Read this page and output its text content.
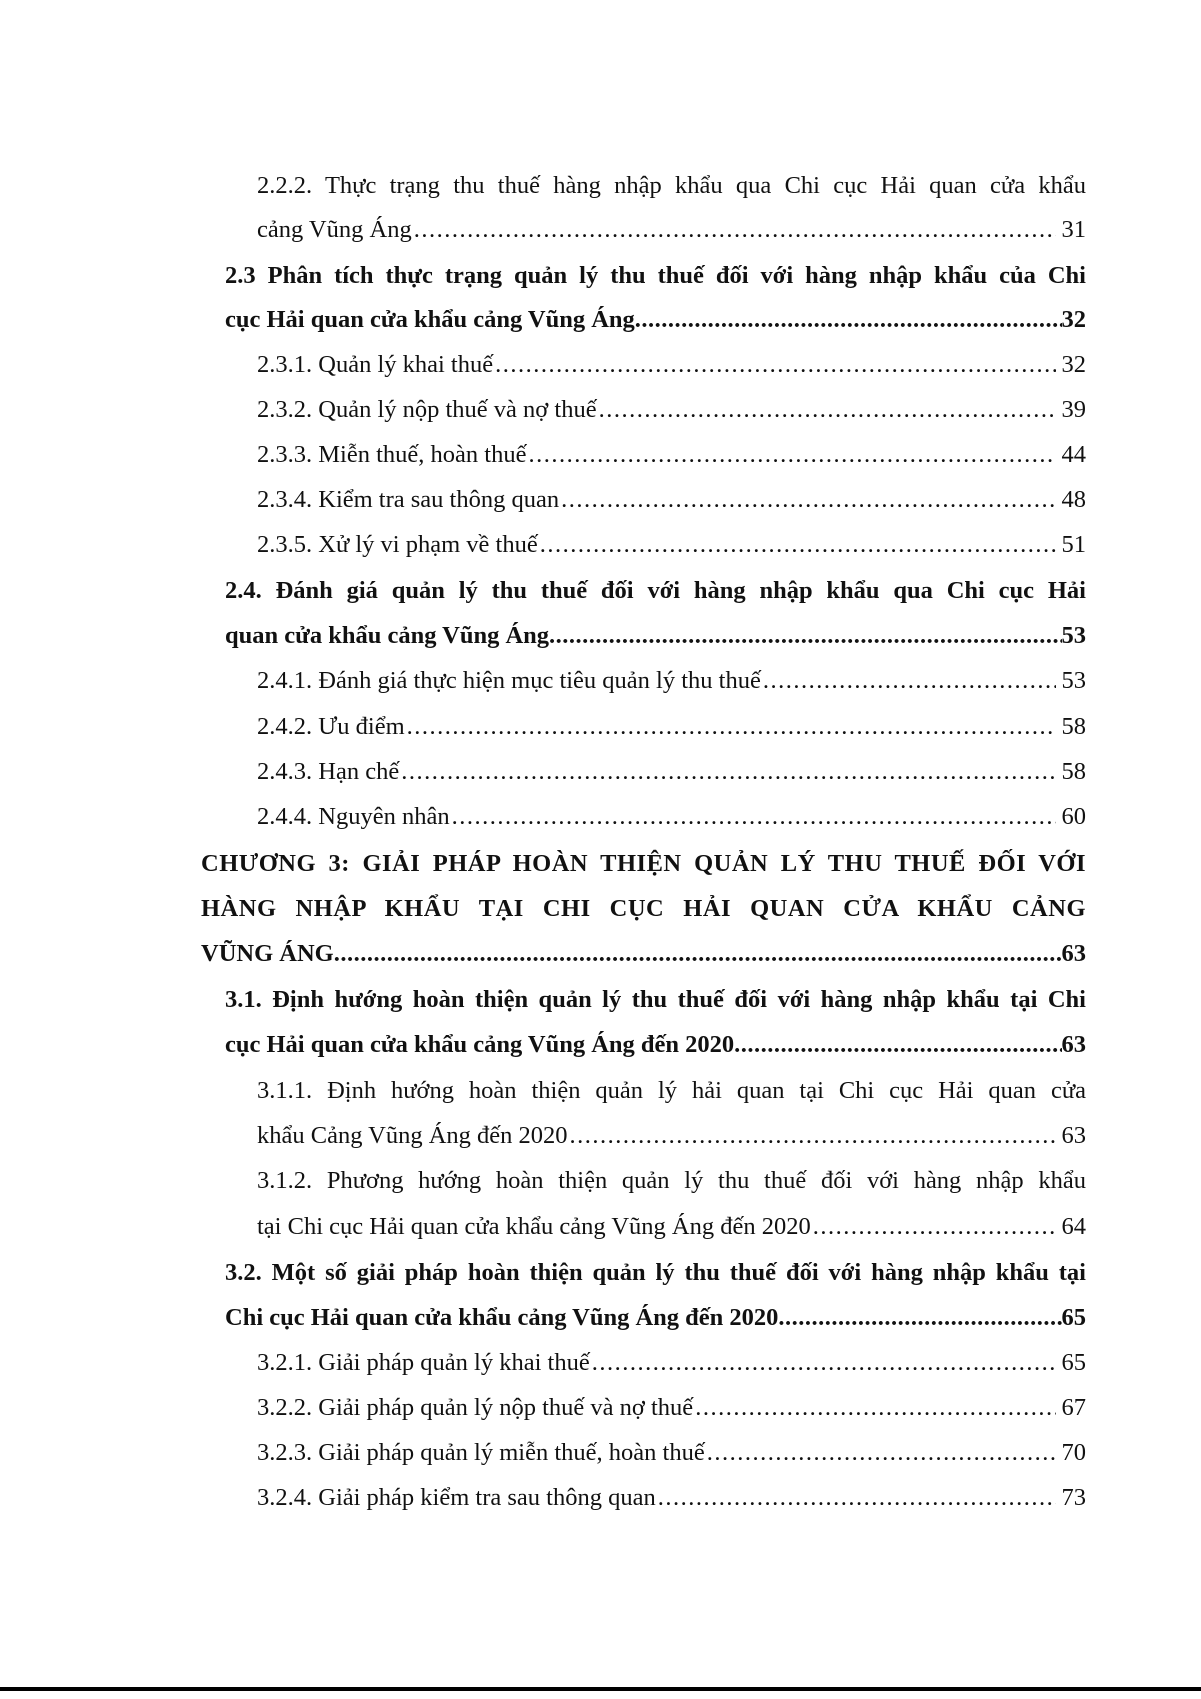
2.2.2. Thực trạng thu thuế hàng nhập khẩu qua Chi cục Hải quan cửa khẩu
cảng Vũng Áng .....	31
2.3 Phân tích thực trạng quản lý thu thuế đối với hàng nhập khẩu của Chi
cục Hải quan cửa khẩu cảng Vũng Áng .....	32
2.3.1. Quản lý khai thuế .....	32
2.3.2. Quản lý nộp thuế và nợ thuế .....	39
2.3.3. Miễn thuế, hoàn thuế .....	44
2.3.4. Kiểm tra sau thông quan .....	48
2.3.5. Xử lý vi phạm về thuế .....	51
2.4. Đánh giá quản lý thu thuế đối với hàng nhập khẩu qua Chi cục Hải
quan cửa khẩu cảng Vũng Áng .....	53
2.4.1. Đánh giá thực hiện mục tiêu quản lý thu thuế .....	53
2.4.2. Ưu điểm .....	58
2.4.3. Hạn chế .....	58
2.4.4. Nguyên nhân .....	60
CHƯƠNG 3: GIẢI PHÁP HOÀN THIỆN QUẢN LÝ THU THUẾ ĐỐI VỚI
HÀNG NHẬP KHẨU TẠI CHI CỤC HẢI QUAN CỬA KHẨU CẢNG
VŨNG ÁNG .....	63
3.1. Định hướng hoàn thiện quản lý thu thuế đối với hàng nhập khẩu tại Chi
cục Hải quan cửa khẩu cảng Vũng Áng đến 2020 .....	63
3.1.1. Định hướng hoàn thiện quản lý hải quan tại Chi cục Hải quan cửa
khẩu Cảng Vũng Áng đến 2020 .....	63
3.1.2. Phương hướng hoàn thiện quản lý thu thuế đối với hàng nhập khẩu
tại Chi cục Hải quan cửa khẩu cảng Vũng Áng đến 2020 .....	64
3.2. Một số giải pháp hoàn thiện quản lý thu thuế đối với hàng nhập khẩu tại
Chi cục Hải quan cửa khẩu cảng Vũng Áng đến 2020 .....	65
3.2.1. Giải pháp quản lý khai thuế .....	65
3.2.2. Giải pháp quản lý nộp thuế và nợ thuế .....	67
3.2.3. Giải pháp quản lý miễn thuế, hoàn thuế .....	70
3.2.4. Giải pháp kiểm tra sau thông quan .....	73
